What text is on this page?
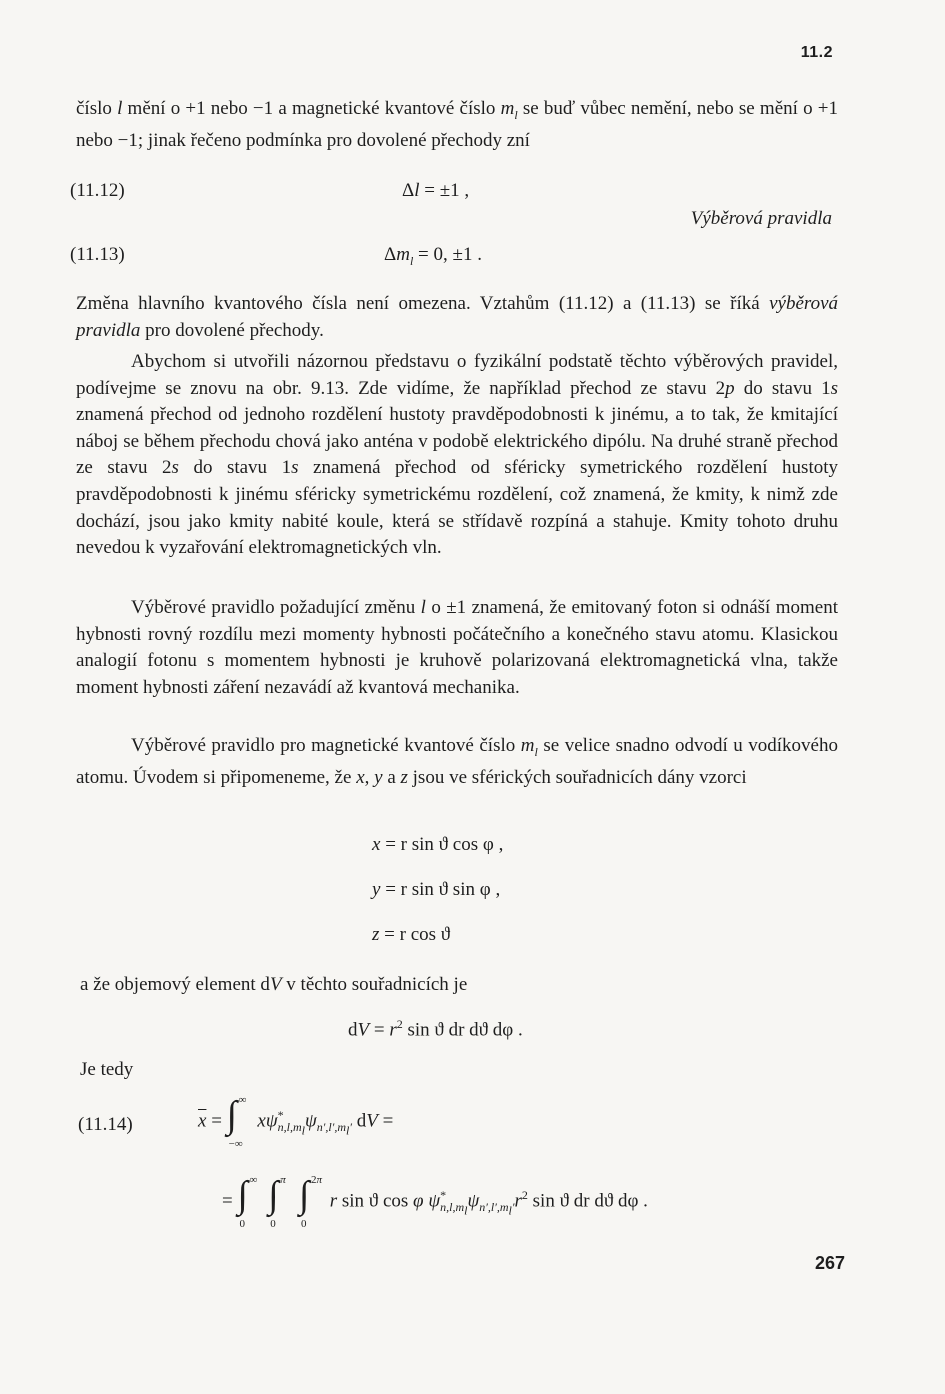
11.2
číslo l mění o +1 nebo −1 a magnetické kvantové číslo $m_l$ se buď vůbec nemění, nebo se mění o +1 nebo −1; jinak řečeno podmínka pro dovolené přechody zní
(11.12)	Δl = ±1 ,
Výběrová pravidla
(11.13)	$\Delta m_l = 0$, ±1 .
Změna hlavního kvantového čísla není omezena. Vztahům (11.12) a (11.13) se říká výběrová pravidla pro dovolené přechody.
Abychom si utvořili názornou představu o fyzikální podstatě těchto výběrových pravidel, podívejme se znovu na obr. 9.13. Zde vidíme, že například přechod ze stavu 2p do stavu 1s znamená přechod od jednoho rozdělení hustoty pravděpodobnosti k jinému, a to tak, že kmitající náboj se během přechodu chová jako anténa v podobě elektrického dipólu. Na druhé straně přechod ze stavu 2s do stavu 1s znamená přechod od sféricky symetrického rozdělení hustoty pravděpodobnosti k jinému sféricky symetrickému rozdělení, což znamená, že kmity, k nimž zde dochází, jsou jako kmity nabité koule, která se střídavě rozpíná a stahuje. Kmity tohoto druhu nevedou k vyzařování elektromagnetických vln.
Výběrové pravidlo požadující změnu l o ±1 znamená, že emitovaný foton si odnáší moment hybnosti rovný rozdílu mezi momenty hybnosti počátečního a konečného stavu atomu. Klasickou analogií fotonu s momentem hybnosti je kruhově polarizovaná elektromagnetická vlna, takže moment hybnosti záření nezavádí až kvantová mechanika.
Výběrové pravidlo pro magnetické kvantové číslo $m_l$ se velice snadno odvodí u vodíkového atomu. Úvodem si připomeneme, že x, y a z jsou ve sférických souřadnicích dány vzorci
x = r sin ϑ cos φ ,
y = r sin ϑ sin φ ,
z = r cos ϑ
a že objemový element dV v těchto souřadnicích je
dV = $r^2$ sin ϑ dr dϑ dφ .
Je tedy
(11.14)	$\overline{x}$ = ∫ ∞
−∞
$x\psi^*_{n,l,m_l}\psi_{n',l',m_l'}$ dV =
= ∫ ∞
0

∫ π
0

∫ 2π
0
r sin ϑ cos φ $\psi^*_{n,l,m_l}\psi_{n',l',m_l'}r^2$ sin ϑ dr dϑ dφ .
267
